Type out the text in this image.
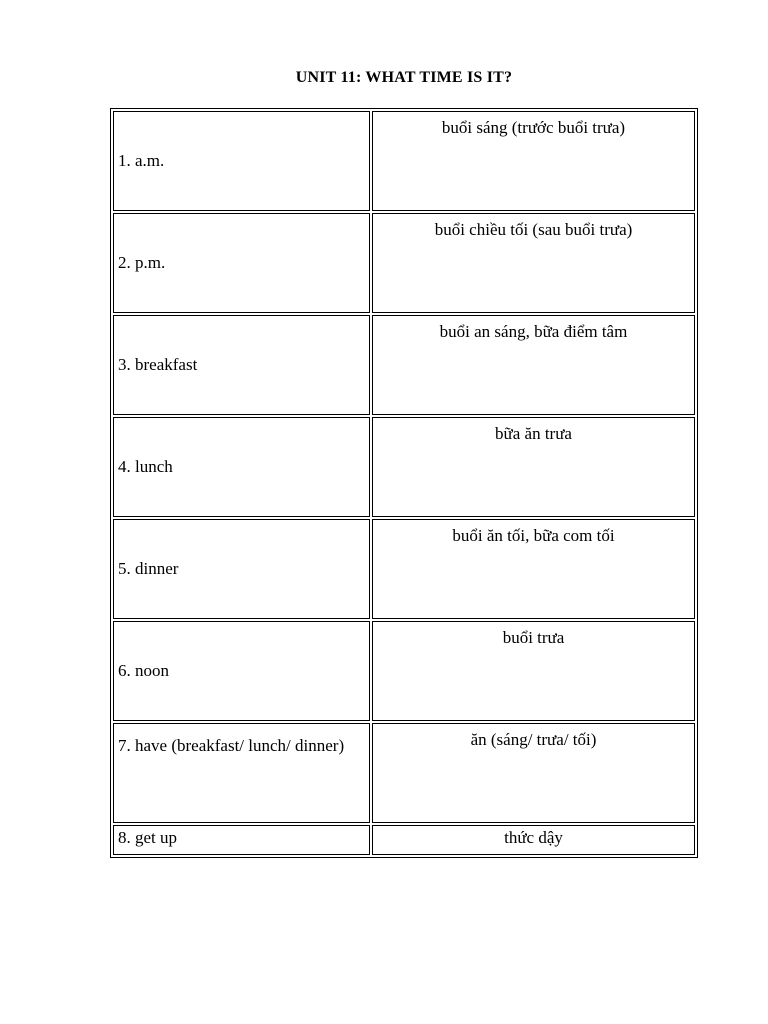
UNIT 11: WHAT TIME IS IT?
1. a.m.	buổi sáng (trước buổi trưa)
2. p.m.	buổi chiều tối (sau buổi trưa)
3. breakfast	buổi an sáng, bữa điểm tâm
4. lunch	bữa ăn trưa
5. dinner	buổi ăn tối, bữa com tối
6. noon	buổi trưa
7. have (breakfast/ lunch/ dinner)	ăn (sáng/ trưa/ tối)
8. get up	thức dậy
